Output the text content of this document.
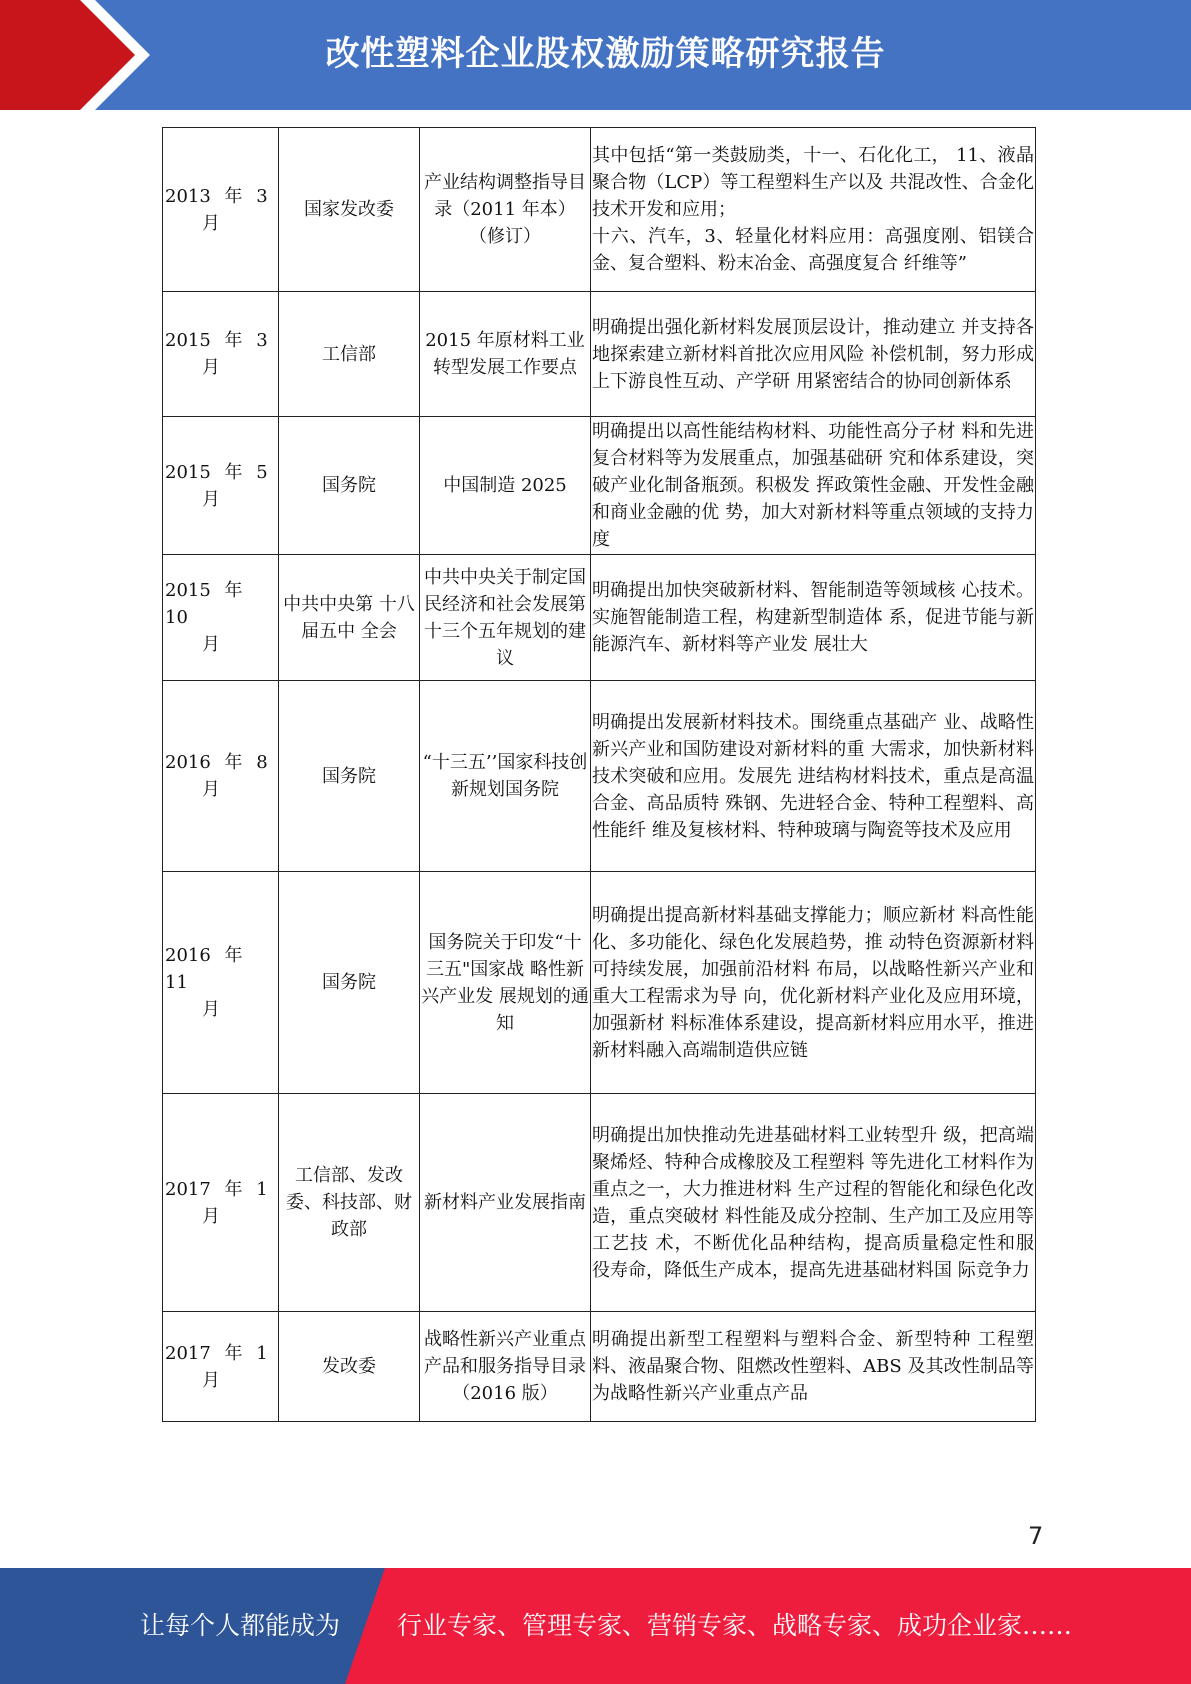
改性塑料企业股权激励策略研究报告
2013 年 3
月	国家发改委	产业结构调整指导目录（2011 年本）（修订）	其中包括“第一类鼓励类，十一、石化化工， 11、液晶聚合物（LCP）等工程塑料生产以及 共混改性、合金化技术开发和应用；
十六、汽车，3、轻量化材料应用：高强度刚、铝镁合金、复合塑料、粉末冶金、高强度复合 纤维等”

2015 年 3
月	工信部	2015 年原材料工业转型发展工作要点	明确提出强化新材料发展顶层设计，推动建立 并支持各地探索建立新材料首批次应用风险 补偿机制，努力形成上下游良性互动、产学研 用紧密结合的协同创新体系

2015 年 5
月	国务院	中国制造 2025	明确提出以高性能结构材料、功能性高分子材 料和先进复合材料等为发展重点，加强基础研 究和体系建设，突破产业化制备瓶颈。积极发 挥政策性金融、开发性金融和商业金融的优 势，加大对新材料等重点领域的支持力度

2015 年 10
月	中共中央第 十八届五中 全会	中共中央关于制定国民经济和社会发展第十三个五年规划的建议	明确提出加快突破新材料、智能制造等领域核 心技术。实施智能制造工程，构建新型制造体 系，促进节能与新能源汽车、新材料等产业发 展壮大

2016 年 8
月	国务院	“十三五’’国家科技创新规划国务院	明确提出发展新材料技术。围绕重点基础产 业、战略性新兴产业和国防建设对新材料的重 大需求，加快新材料技术突破和应用。发展先 进结构材料技术，重点是高温合金、高品质特 殊钢、先进轻合金、特种工程塑料、高性能纤 维及复核材料、特种玻璃与陶瓷等技术及应用

2016 年 11
月	国务院	国务院关于印发“十三五"国家战 略性新兴产业发 展规划的通知	明确提出提高新材料基础支撑能力；顺应新材 料高性能化、多功能化、绿色化发展趋势，推 动特色资源新材料可持续发展，加强前沿材料 布局，以战略性新兴产业和重大工程需求为导 向，优化新材料产业化及应用环境，加强新材 料标准体系建设，提高新材料应用水平，推进 新材料融入高端制造供应链

2017 年 1
月	工信部、发改委、科技部、财政部	新材料产业发展指南	明确提出加快推动先进基础材料工业转型升 级，把高端聚烯烃、特种合成橡胶及工程塑料 等先进化工材料作为重点之一，大力推进材料 生产过程的智能化和绿色化改造，重点突破材 料性能及成分控制、生产加工及应用等工艺技 术，不断优化品种结构，提高质量稳定性和服 役寿命，降低生产成本，提高先进基础材料国 际竞争力

2017 年 1
月	发改委	战略性新兴产业重点产品和服务指导目录（2016 版）	明确提出新型工程塑料与塑料合金、新型特种 工程塑料、液晶聚合物、阻燃改性塑料、ABS 及其改性制品等为战略性新兴产业重点产品
7
让每个人都能成为 行业专家、管理专家、营销专家、战略专家、成功企业家……
